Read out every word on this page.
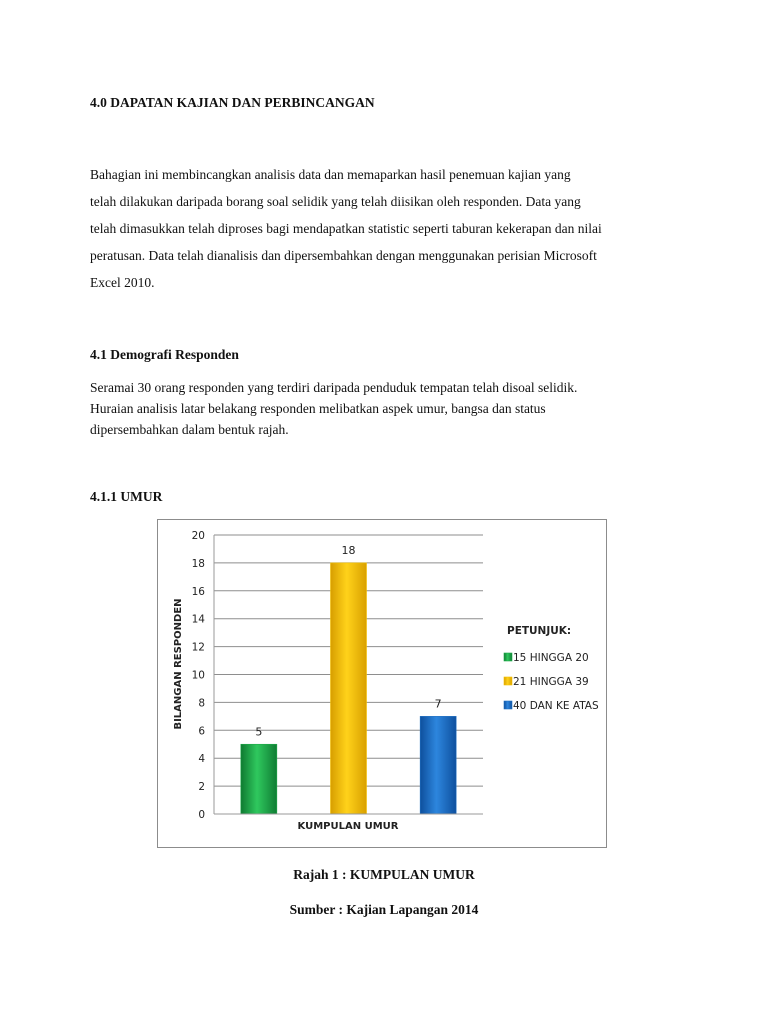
4.0 DAPATAN KAJIAN DAN PERBINCANGAN
Bahagian ini membincangkan analisis data dan memaparkan hasil penemuan kajian yang
telah dilakukan daripada borang soal selidik yang telah diisikan oleh responden. Data yang
telah dimasukkan telah diproses bagi mendapatkan statistic seperti taburan kekerapan dan nilai
peratusan. Data telah dianalisis dan dipersembahkan dengan menggunakan perisian Microsoft
Excel 2010.
4.1 Demografi Responden
Seramai 30 orang responden yang terdiri daripada penduduk tempatan telah disoal selidik.
Huraian analisis latar belakang responden melibatkan aspek umur, bangsa dan status
dipersembahkan dalam bentuk rajah.
4.1.1 UMUR
0
2
4
6
8
10
12
14
16
18
20
5
18
7
BILANGAN RESPONDEN
KUMPULAN UMUR
PETUNJUK:
15 HINGGA 20
21 HINGGA 39
40 DAN KE ATAS
Rajah 1 : KUMPULAN UMUR
Sumber : Kajian Lapangan 2014
